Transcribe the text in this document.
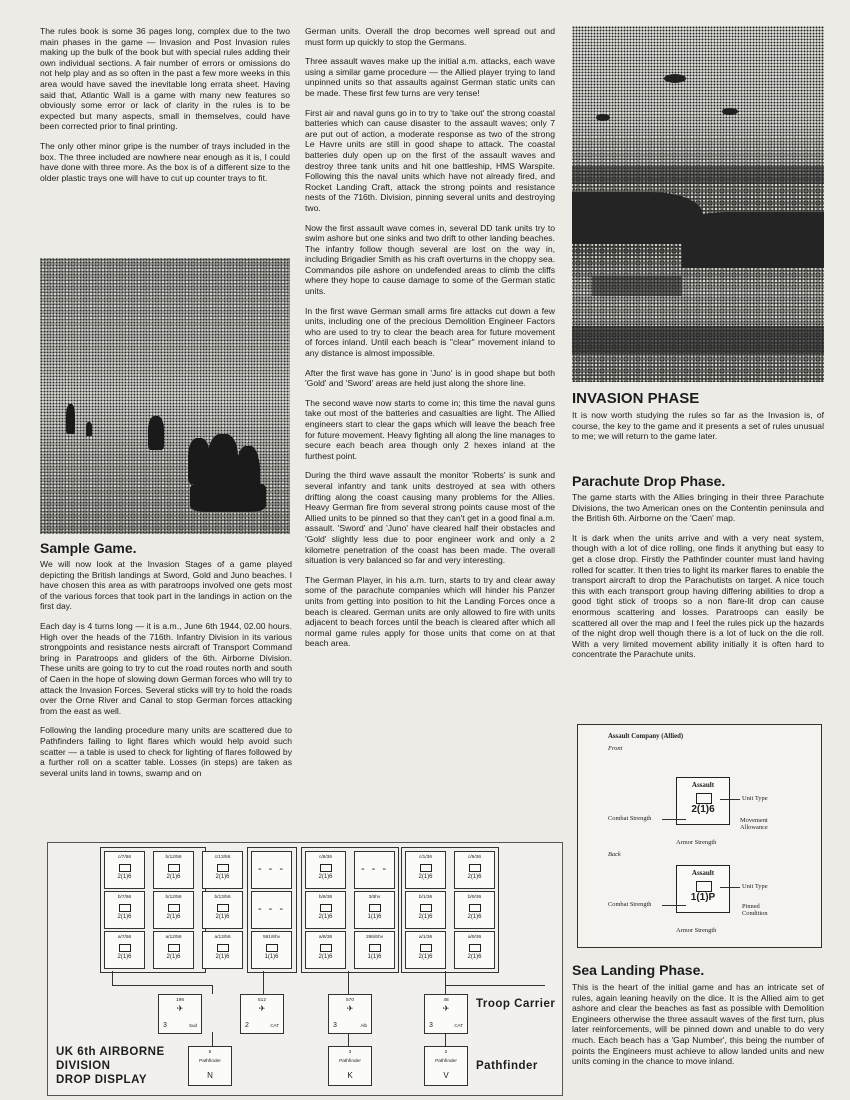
The rules book is some 36 pages long, complex due to the two main phases in the game — Invasion and Post Invasion rules making up the bulk of the book but with special rules adding their own individual sections. A fair number of errors or omissions do not help play and as so often in the past a few more weeks in this area would have saved the inevitable long errata sheet. Having said that, Atlantic Wall is a game with many new features so obviously some error or lack of clarity in the rules is to be expected but many aspects, small in themselves, could have been corrected prior to final printing.

The only other minor gripe is the number of trays included in the box. The three included are nowhere near enough as it is, I could have done with three more. As the box is of a different size to the older plastic trays one will have to cut up counter trays to fit.

Sample Game.

We will now look at the Invasion Stages of a game played depicting the British landings at Sword, Gold and Juno beaches. I have chosen this area as with paratroops involved one gets most of the various forces that took part in the landings in action on the first day.

Each day is 4 turns long — it is a.m., June 6th 1944, 02.00 hours. High over the heads of the 716th. Infantry Division in its various strongpoints and resistance nests aircraft of Transport Command bring in Paratroops and gliders of the 6th. Airborne Division. These units are going to try to cut the road routes north and south of Caen in the hope of slowing down German forces who will try to attack the Invasion Forces. Several sticks will try to hold the roads over the Orne River and Canal to stop German forces attacking from the east as well.

Following the landing procedure many units are scattered due to Pathfinders failing to light flares which would help avoid such scatter — a table is used to check for lighting of flares followed by a further roll on a scatter table. Losses (in steps) are taken as several units land in towns, swamp and on

German units. Overall the drop becomes well spread out and must form up quickly to stop the Germans.

Three assault waves make up the initial a.m. attacks, each wave using a similar game procedure — the Allied player trying to land unpinned units so that assaults against German static units can be made. These first few turns are very tense!

First air and naval guns go in to try to 'take out' the strong coastal batteries which can cause disaster to the assault waves; only 7 are put out of action, a moderate response as two of the strong Le Havre units are still in good shape to attack. The coastal batteries duly open up on the first of the assault waves and destroy three tank units and hit one battleship, HMS Warspite. Following this the naval units which have not already fired, and Rocket Landing Craft, attack the strong points and resistance nests of the 716th. Division, pinning several units and destroying two.

Now the first assault wave comes in, several DD tank units try to swim ashore but one sinks and two drift to other landing beaches. The infantry follow though several are lost on the way in, including Brigadier Smith as his craft overturns in the choppy sea. Commandos pile ashore on undefended areas to climb the cliffs where they hope to cause damage to some of the German static units.

In the first wave German small arms fire attacks cut down a few units, including one of the precious Demolition Engineer Factors who are used to try to clear the beach area for future movement of forces inland. Until each beach is "clear" movement inland to any distance is almost impossible.

After the first wave has gone in 'Juno' is in good shape but both 'Gold' and 'Sword' areas are held just along the shore line.

The second wave now starts to come in; this time the naval guns take out most of the batteries and casualties are light. The Allied engineers start to clear the gaps which will leave the beach free for future movement. Heavy fighting all along the line manages to secure each beach area though only 2 hexes inland at the furthest point.

During the third wave assault the monitor 'Roberts' is sunk and several infantry and tank units destroyed at sea with others drifting along the coast causing many problems for the Allies. Heavy German fire from several strong points cause most of the Allied units to be pinned so that they can't get in a good final a.m. assault. 'Sword' and 'Juno' have cleared half their obstacles and 'Gold' slightly less due to poor engineer work and only a 2 kilometre penetration of the coast has been made. The overall situation is very balanced so far and very interesting.

The German Player, in his a.m. turn, starts to try and clear away some of the parachute companies which will hinder his Panzer units from getting into position to hit the Landing Forces once a beach is cleared. German units are only allowed to fire with units adjacent to beach forces until the beach is cleared after which all normal game rules apply for those units that come on at that beach area.

INVASION PHASE

It is now worth studying the rules so far as the Invasion is, of course, the key to the game and it presents a set of rules unusual to me; we will return to the game later.

Parachute Drop Phase.

The game starts with the Allies bringing in their three Parachute Divisions, the two American ones on the Contentin peninsula and the British 6th. Airborne on the 'Caen' map.

It is dark when the units arrive and with a very neat system, though with a lot of dice rolling, one finds it anything but easy to get a close drop. Firstly the Pathfinder counter must land having rolled for scatter. It then tries to light its marker flares to enable the transport aircraft to drop the Parachutists on target. A nice touch this with each transport group having differing abilities to drop a good tight stick of troops so a non flare-lit drop can cause enormous scattering and losses. Paratroops can easily be scattered all over the map and I feel the rules pick up the hazards of the night drop well though there is a lot of luck on the die roll. With a very limited movement ability initially it is often hard to concentrate the Parachute units.

Assault Company (Allied)
Front
Assault
2(1)6
Unit Type
Combat Strength	Movement Allowance
Armor Strength
Back
Assault
1(1)P
Unit Type
Combat Strength	Pinned Condition
Armor Strength
Sea Landing Phase.

This is the heart of the initial game and has an intricate set of rules, again leaning heavily on the dice. It is the Allied aim to get ashore and clear the beaches as fast as possible with Demolition Engineers otherwise the three assault waves of the first turn, plus later reinforcements, will be pinned down and unable to do very much. Each beach has a 'Gap Number', this being the number of points the Engineers must achieve to allow landed units and new units coming in the chance to move inland.

c/7/56
2(1)6
b/12/56
2(1)6
c/13/56
2(1)6
- - -
c/8/36
2(1)6
- - -
c/1/36
2(1)6
c/9/36
2(1)6
b/7/56
2(1)6
b/12/56
2(1)6
b/13/56
2(1)6
- - -
b/8/36
2(1)6
3/6hv
1(1)6
b/1/36
2(1)6
b/9/36
2(1)6
a/7/56
2(1)6
a/12/56
2(1)6
a/13/56
2(1)6
591/6hv
1(1)6
a/8/36
2(1)6
286/6hv
1(1)6
a/1/36
2(1)6
a/9/36
2(1)6
196
✈
3	Sud
512
✈
2	CAT
570
✈
3	Alb
48
✈
3	CAT
5
Pathfinder
N
3
Pathfinder
K
2
Pathfinder
V
UK 6th AIRBORNE
DIVISION
DROP DISPLAY
Troop Carrier
Pathfinder
